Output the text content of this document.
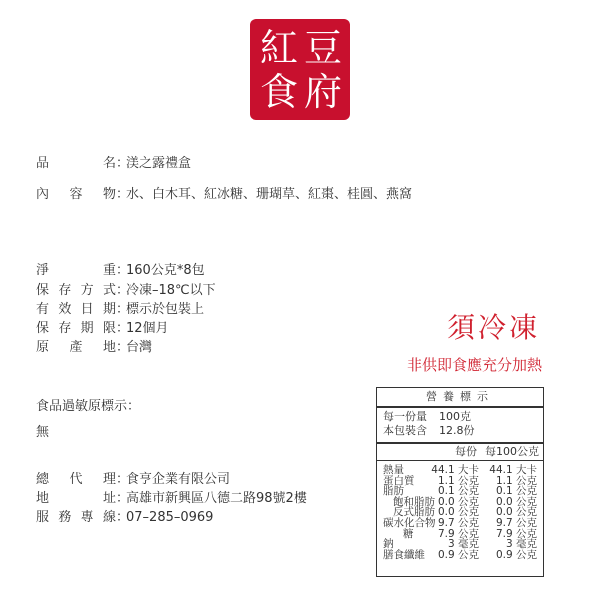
紅 豆
食 府
品名：渼之露禮盒
內容物：水、白木耳、紅冰糖、珊瑚草、紅棗、桂圓、燕窩
淨重：160公克*8包
保存方式：冷凍–18℃以下
有效日期：標示於包裝上
保存期限：12個月
原產地：台灣
食品過敏原標示：
無
總代理：食亨企業有限公司
地址：高雄市新興區八德二路98號2樓
服務專線：07–285–0969
須冷凍
非供即食應充分加熱
營養標示
每一份量 100克
本包裝含 12.8份
每份 每100公克
熱量	44.1 大卡 44.1 大卡
蛋白質 1.1 公克 1.1 公克
脂肪	0.1 公克 0.1 公克
飽和脂肪 0.0 公克 0.0 公克
反式脂肪 0.0 公克 0.0 公克
碳水化合物 9.7 公克 9.7 公克
糖 7.9 公克 7.9 公克
鈉	3 毫克	3 毫克
膳食纖維 0.9 公克 0.9 公克
